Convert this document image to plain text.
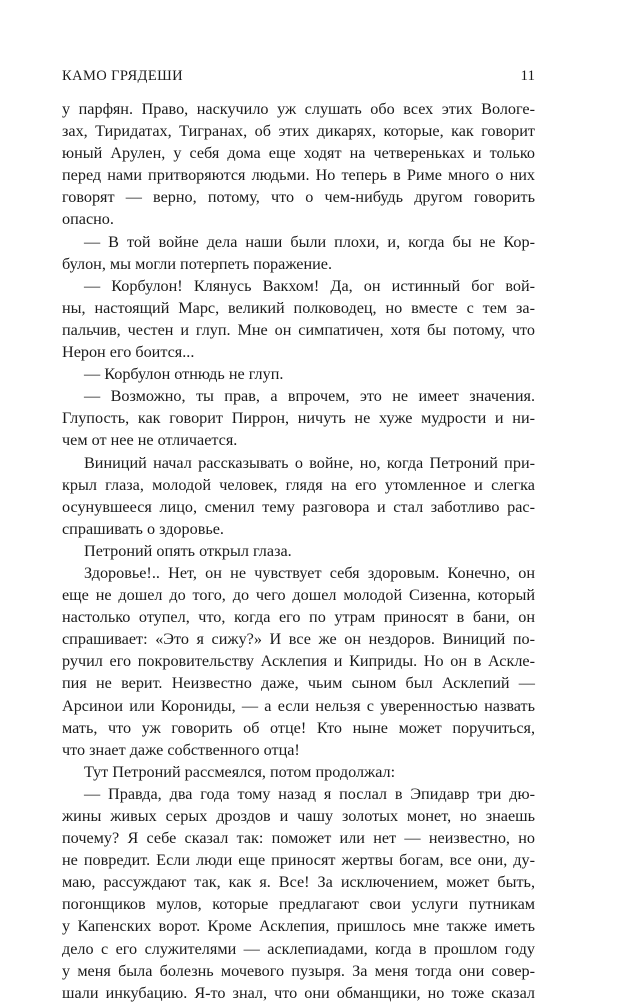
КАМО ГРЯДЕШИ	11
у парфян. Право, наскучило уж слушать обо всех этих Вологе-
зах, Тиридатах, Тигранах, об этих дикарях, которые, как говорит
юный Арулен, у себя дома еще ходят на четвереньках и только
перед нами притворяются людьми. Но теперь в Риме много о них
говорят — верно, потому, что о чем-нибудь другом говорить
опасно.
— В той войне дела наши были плохи, и, когда бы не Кор-
булон, мы могли потерпеть поражение.
— Корбулон! Клянусь Вакхом! Да, он истинный бог вой-
ны, настоящий Марс, великий полководец, но вместе с тем за-
пальчив, честен и глуп. Мне он симпатичен, хотя бы потому, что
Нерон его боится...
— Корбулон отнюдь не глуп.
— Возможно, ты прав, а впрочем, это не имеет значения.
Глупость, как говорит Пиррон, ничуть не хуже мудрости и ни-
чем от нее не отличается.
Виниций начал рассказывать о войне, но, когда Петроний при-
крыл глаза, молодой человек, глядя на его утомленное и слегка
осунувшееся лицо, сменил тему разговора и стал заботливо рас-
спрашивать о здоровье.
Петроний опять открыл глаза.
Здоровье!.. Нет, он не чувствует себя здоровым. Конечно, он
еще не дошел до того, до чего дошел молодой Сизенна, который
настолько отупел, что, когда его по утрам приносят в бани, он
спрашивает: «Это я сижу?» И все же он нездоров. Виниций по-
ручил его покровительству Асклепия и Киприды. Но он в Аскле-
пия не верит. Неизвестно даже, чьим сыном был Асклепий —
Арсинои или Корониды, — а если нельзя с уверенностью назвать
мать, что уж говорить об отце! Кто ныне может поручиться,
что знает даже собственного отца!
Тут Петроний рассмеялся, потом продолжал:
— Правда, два года тому назад я послал в Эпидавр три дю-
жины живых серых дроздов и чашу золотых монет, но знаешь
почему? Я себе сказал так: поможет или нет — неизвестно, но
не повредит. Если люди еще приносят жертвы богам, все они, ду-
маю, рассуждают так, как я. Все! За исключением, может быть,
погонщиков мулов, которые предлагают свои услуги путникам
у Капенских ворот. Кроме Асклепия, пришлось мне также иметь
дело с его служителями — асклепиадами, когда в прошлом году
у меня была болезнь мочевого пузыря. За меня тогда они совер-
шали инкубацию. Я-то знал, что они обманщики, но тоже сказал
